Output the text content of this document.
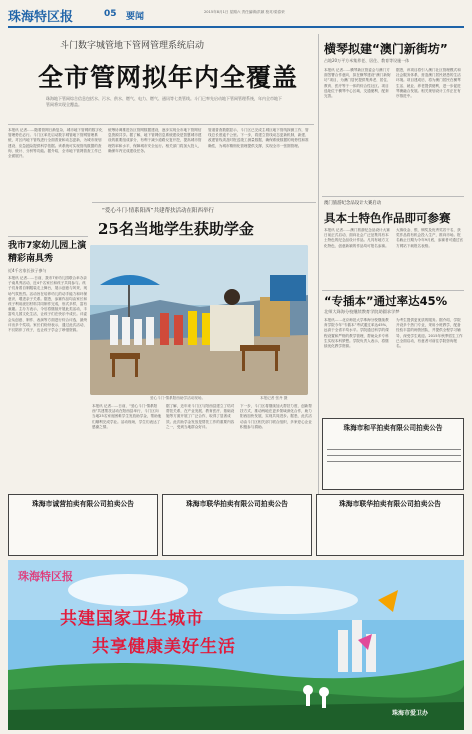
珠海特区报	05 要闻	2015年8月1日 星期六 责任编辑/洪颖 校对/梁春荣
斗门数字城管地下管网管理系统启动
全市管网拟年内全覆盖
珠海地下管网综合信息包括水、污水、供水、燃气、电力、燃气、通讯等七类管线。斗门已率先启动地下管网管理系统，年内全市地下管网将实现全覆盖。
本报讯 记者……随着管网日渐复杂，城市地下管网的数字化管理势在必行。斗门区率先启动数字城管地下管网管理系统，对区内地下管线进行全面普查和动态更新，为城市规划建设、应急抢险提供科学依据。该系统可实现管线数据的查询、统计、分析等功能。据介绍，全市地下管网普查工作已全面展开。
统筹协调推进各区管网数据建设，逐步实现全市地下管网信息资源共享。据了解，地下管网信息系统建设是智慧城市建设的重要组成部分，有利于减少道路反复开挖，提高城市管理效率和水平，保障城市安全运行。相关部门将加大投入，确保年内完成建设任务。
管道普查数据显示，斗门区已完成主城区地下管线探测工作，管线总长度逾千公里。下一步，将建立管线动态更新机制，新建、改建管线须及时报送竣工测量数据，确保系统数据的现势性和准确性，为城市精细化管理提供支撑，实现全市一张图管理。
横琴拟建“澳门新街坊”
占地20万平方米集养老、居住、教育等设施一体
本报讯 记者……横琴新区管委会与澳门方面签署合作意向，拟在横琴建设“澳门新街坊”项目，为澳门居民提供集养老、居住、教育、医疗等于一体的综合性社区。项目选址位于横琴中心区域，交通便利，配套完善。
据悉，该项目将引入澳门社区管理模式和社会服务体系，营造澳门居民熟悉的生活环境。项目建成后，将为澳门居民在横琴生活、就业、养老提供便利，进一步促进琴澳融合发展。相关规划设计工作正在有序推进中。
澳门旅游纪念品设计大赛启动
具本土特色作品即可参赛
本报讯 记者……澳门旅游纪念品设计大赛日前正式启动，面向社会广泛征集具有本土特色的纪念品设计作品。凡具有地方文化特色、创意新颖的作品均可报名参赛。
大赛设金、银、铜奖及优秀奖若干名，获奖作品将有机会投入生产，推向市场。报名截止日期为今年9月底，参赛者可通过官方网站下载报名表格。
“专插本”通过率达45%
北师大珠海分校继续教育学院助圆求学梦
本报讯……北京师范大学珠海分校继续教育学院今年“专插本”考试通过率达45%，远高于全省平均水平。学院通过科学的课程设置和严格的教学管理，帮助众多专科生实现本科梦想。学院负责人表示，将继续优化教学资源。
为考生提供更优质的服务。据介绍，学院开设多个热门专业，采用小班教学，配备经验丰富的师资团队，并提供全程学习辅导，深受学生欢迎。2015年秋季招生工作已全面启动，有意者可前往学院咨询报名。
我市7家幼儿园上演精彩南具秀
近4千名家长孩子参与
本报讯 记者……日前，我市7家幼儿园联合举办亲子南具秀活动，近4千名家长和孩子共同参与。孩子们身着自制服装走上舞台，展示创意与风采，现场气氛热烈。活动旨在培养幼儿的动手能力和环保意识，增进亲子关系。据悉，参赛作品均由家长和孩子利用废旧材料共同制作完成，形式多样，富有童趣。主办方表示，今后将继续开展此类活动，丰富幼儿园文化生活，让孩子们在快乐中成长。评委会从创意、制作、表演等方面进行综合评选，最终评出多个奖项。家长们纷纷表示，通过此次活动，不仅陪伴了孩子，也让孩子学会了珍惜资源。
“爱心斗门·情系阳西”共建帮扶活动在阳西举行
25名当地学生获助学金
爱心斗门·情系阳西助学活动现场。	本报记者 张丹 摄
本报讯 记者……日前，“爱心斗门·情系阳西”共建帮扶活动在阳西县举行，斗门区向当地25名家庭困难学生发放助学金，帮助他们顺利完成学业。活动现场，学生们表达了感谢之情。
据了解，近年来斗门区与阳西县建立了结对帮扶关系，在产业发展、教育医疗、基础设施等方面开展了广泛合作，取得了显著成效。此次助学金发放是帮扶工作的重要内容之一，受到当地群众好评。
下一步，斗门区将继续加大帮扶力度，创新帮扶方式，推动两地在更多领域深化合作，助力阳西加快发展，实现共同进步。据悉，此次活动由斗门区相关部门联合组织，多家爱心企业积极参与捐助。	珠海市和平拍卖有限公司拍卖公告
珠海市诚营拍卖有限公司拍卖公告	珠海市联华拍卖有限公司拍卖公告	珠海市联华拍卖有限公司拍卖公告
珠海特区报
共建国家卫生城市
共享健康美好生活
珠海市爱卫办
